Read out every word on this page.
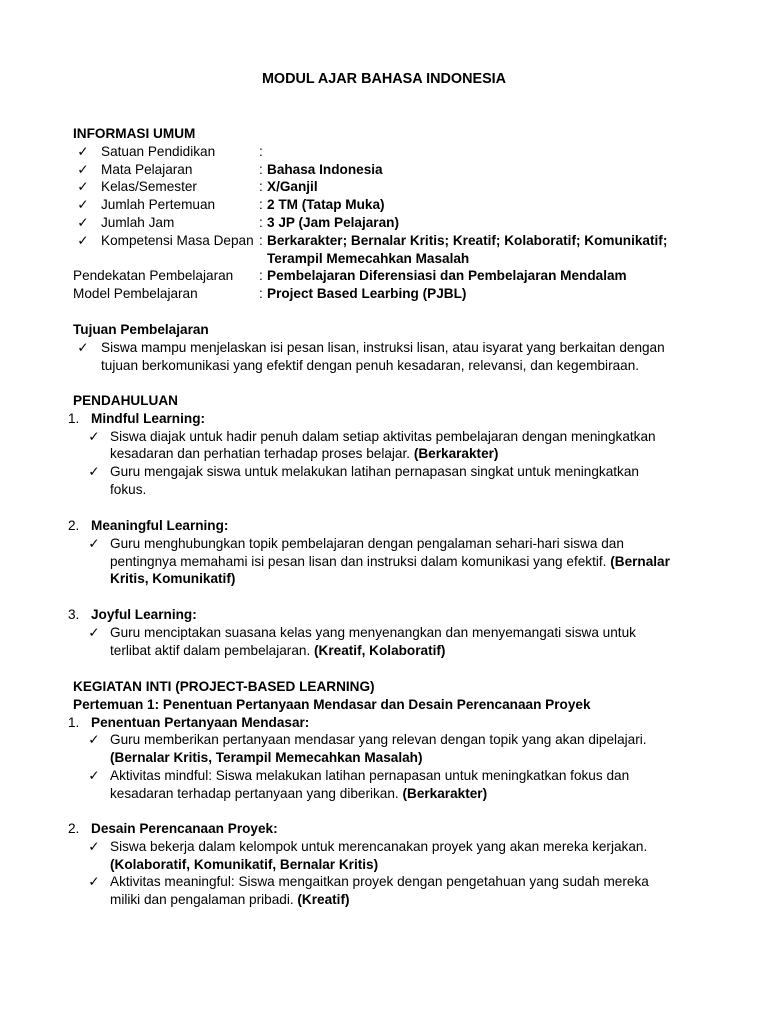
MODUL AJAR BAHASA INDONESIA
INFORMASI UMUM
✓ Satuan Pendidikan	:
✓ Mata Pelajaran	: Bahasa Indonesia
✓ Kelas/Semester	: X/Ganjil
✓ Jumlah Pertemuan	: 2 TM (Tatap Muka)
✓ Jumlah Jam	: 3 JP (Jam Pelajaran)
✓ Kompetensi Masa Depan : Berkarakter; Bernalar Kritis; Kreatif; Kolaboratif; Komunikatif;
Terampil Memecahkan Masalah
Pendekatan Pembelajaran : Pembelajaran Diferensiasi dan Pembelajaran Mendalam
Model Pembelajaran	: Project Based Learbing (PJBL)
Tujuan Pembelajaran
✓ Siswa mampu menjelaskan isi pesan lisan, instruksi lisan, atau isyarat yang berkaitan dengan
tujuan berkomunikasi yang efektif dengan penuh kesadaran, relevansi, dan kegembiraan.
PENDAHULUAN
1. Mindful Learning:
✓ Siswa diajak untuk hadir penuh dalam setiap aktivitas pembelajaran dengan meningkatkan
kesadaran dan perhatian terhadap proses belajar. (Berkarakter)
✓ Guru mengajak siswa untuk melakukan latihan pernapasan singkat untuk meningkatkan
fokus.
2. Meaningful Learning:
✓ Guru menghubungkan topik pembelajaran dengan pengalaman sehari-hari siswa dan
pentingnya memahami isi pesan lisan dan instruksi dalam komunikasi yang efektif. (Bernalar
Kritis, Komunikatif)
3. Joyful Learning:
✓ Guru menciptakan suasana kelas yang menyenangkan dan menyemangati siswa untuk
terlibat aktif dalam pembelajaran. (Kreatif, Kolaboratif)
KEGIATAN INTI (PROJECT-BASED LEARNING)
Pertemuan 1: Penentuan Pertanyaan Mendasar dan Desain Perencanaan Proyek
1. Penentuan Pertanyaan Mendasar:
✓ Guru memberikan pertanyaan mendasar yang relevan dengan topik yang akan dipelajari.
(Bernalar Kritis, Terampil Memecahkan Masalah)
✓ Aktivitas mindful: Siswa melakukan latihan pernapasan untuk meningkatkan fokus dan
kesadaran terhadap pertanyaan yang diberikan. (Berkarakter)
2. Desain Perencanaan Proyek:
✓ Siswa bekerja dalam kelompok untuk merencanakan proyek yang akan mereka kerjakan.
(Kolaboratif, Komunikatif, Bernalar Kritis)
✓ Aktivitas meaningful: Siswa mengaitkan proyek dengan pengetahuan yang sudah mereka
miliki dan pengalaman pribadi. (Kreatif)
